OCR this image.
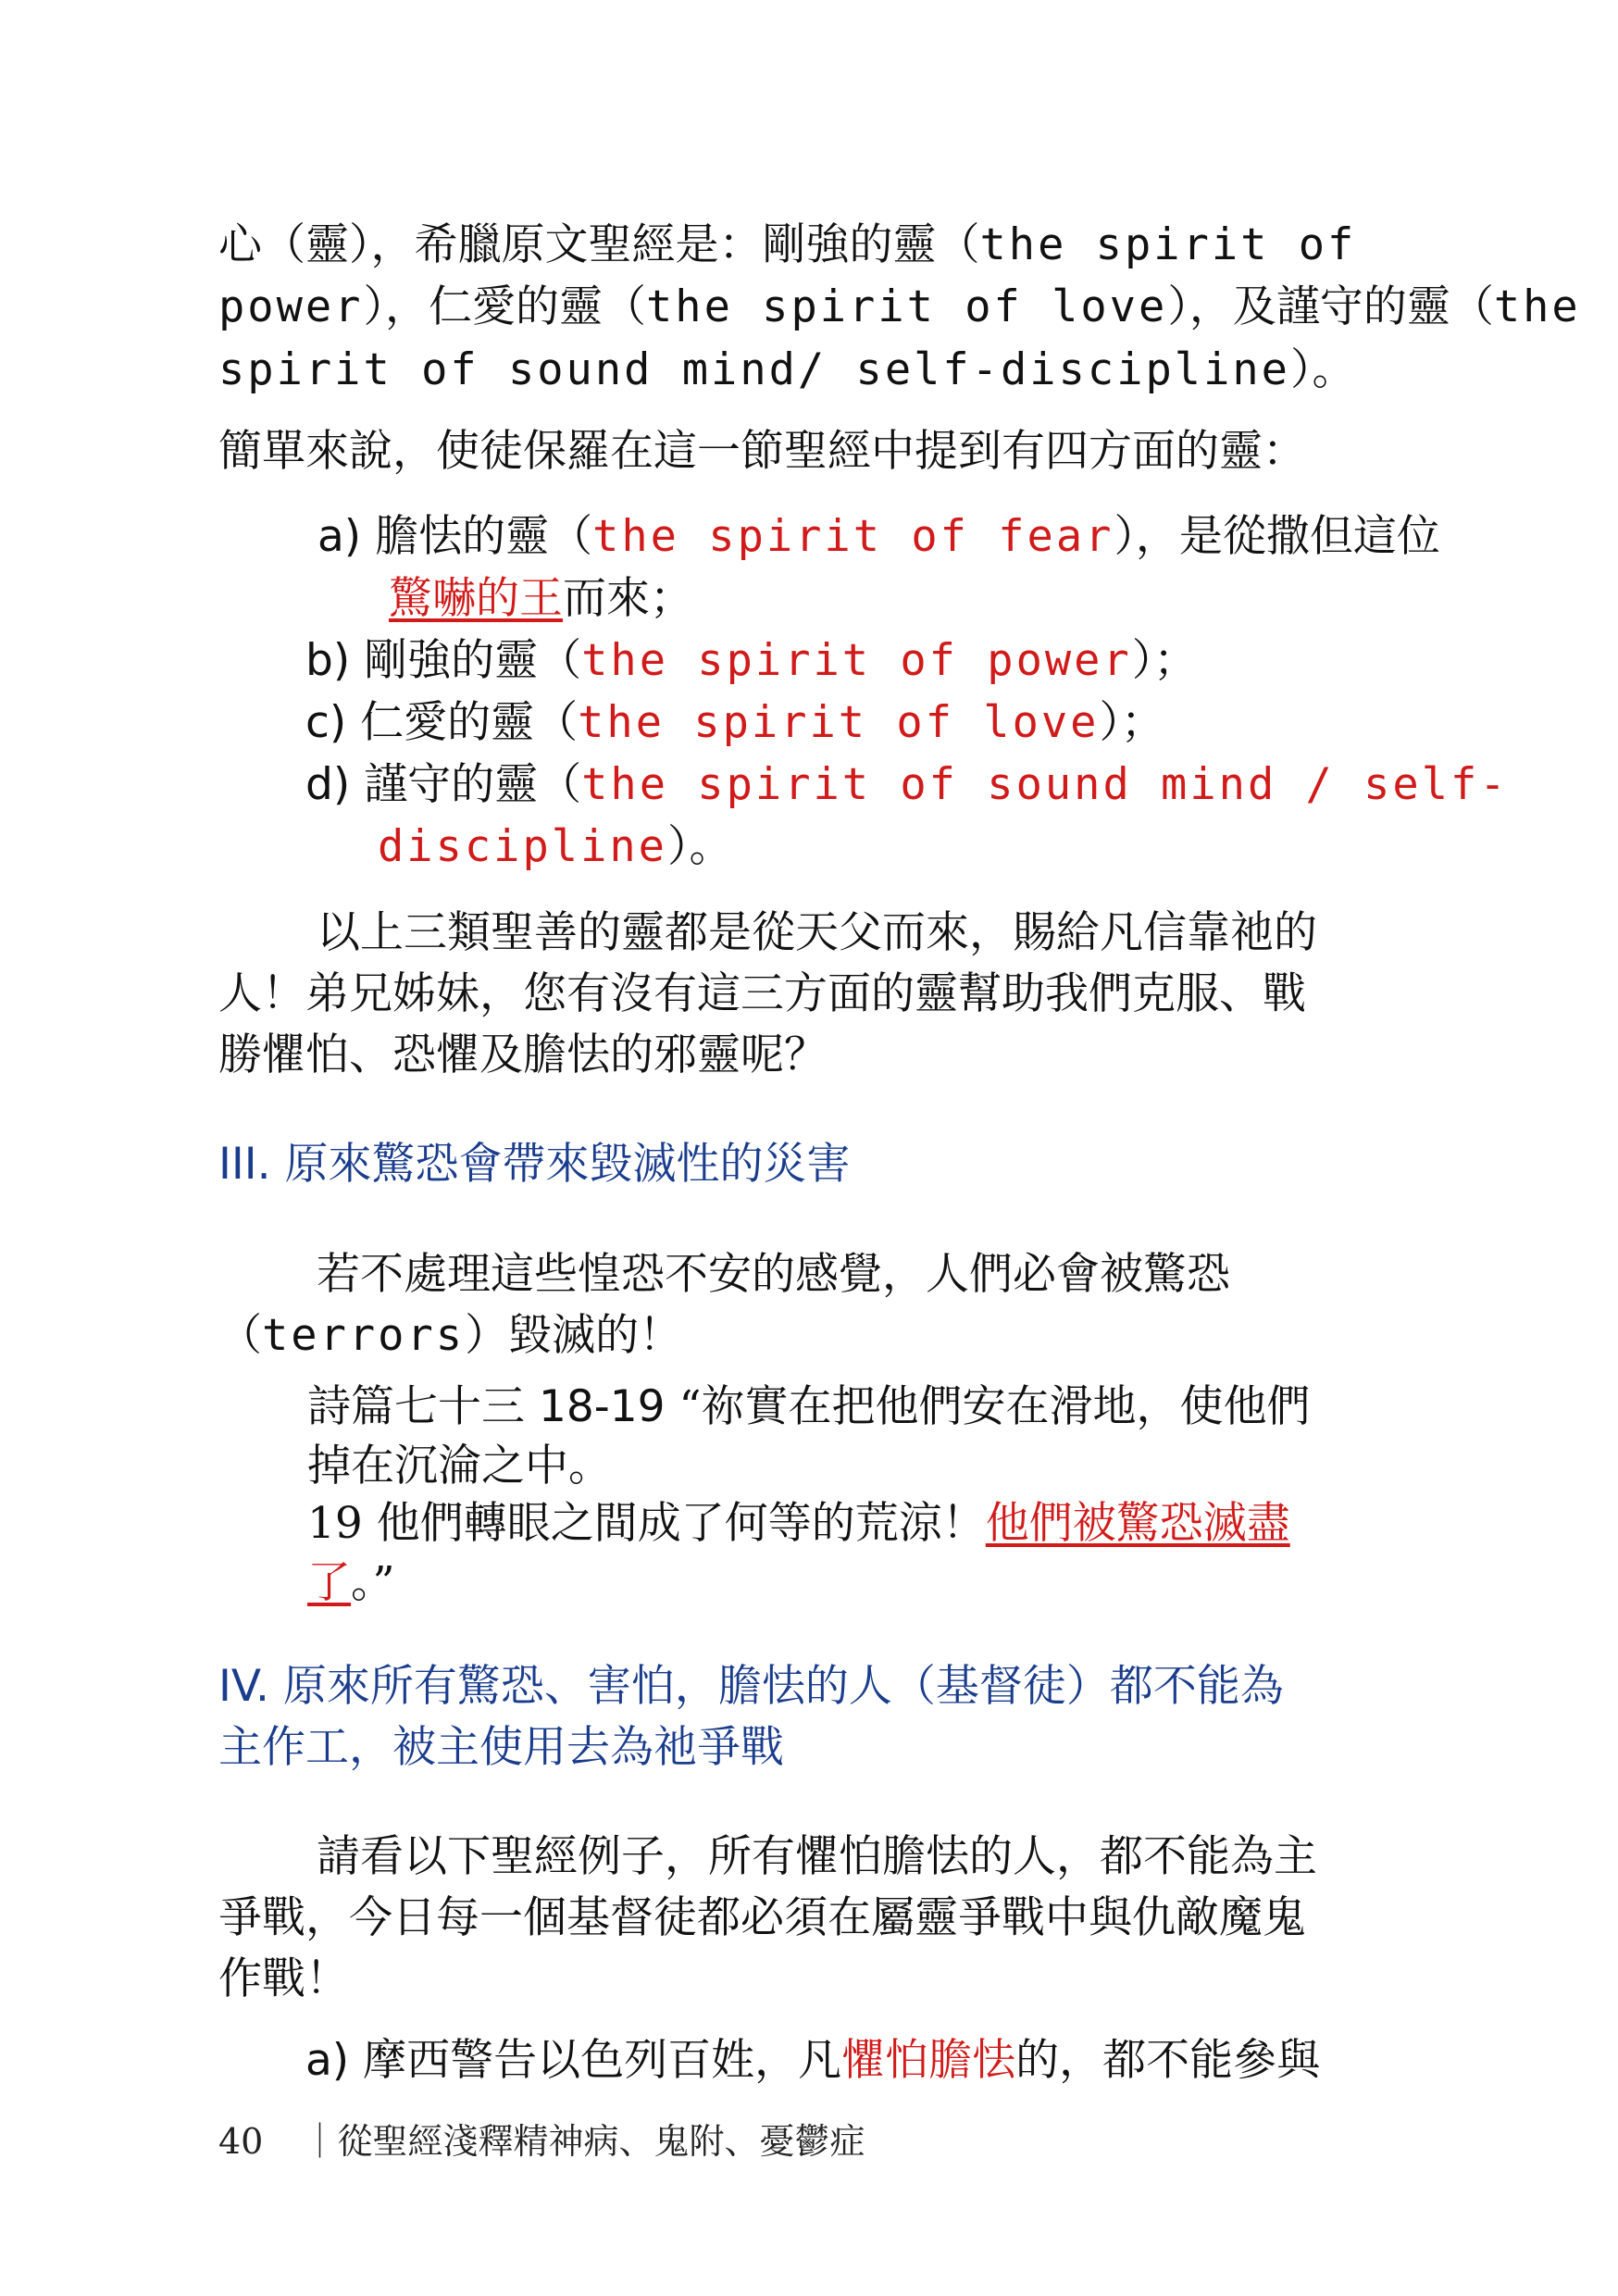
心（靈），希臘原文聖經是：剛強的靈（the spirit of
power），仁愛的靈（the spirit of love），及謹守的靈（the
spirit of sound mind/ self-discipline）。
簡單來說，使徒保羅在這一節聖經中提到有四方面的靈：
a) 膽怯的靈（the spirit of fear），是從撒但這位
驚嚇的王而來；
b) 剛強的靈（the spirit of power）；
c) 仁愛的靈（the spirit of love）；
d) 謹守的靈（the spirit of sound mind / self-
discipline）。
以上三類聖善的靈都是從天父而來，賜給凡信靠祂的
人！弟兄姊妹，您有沒有這三方面的靈幫助我們克服、戰
勝懼怕、恐懼及膽怯的邪靈呢？
III. 原來驚恐會帶來毀滅性的災害
若不處理這些惶恐不安的感覺，人們必會被驚恐
（terrors）毀滅的！
詩篇七十三 18-19 “祢實在把他們安在滑地，使他們
掉在沉淪之中。
19 他們轉眼之間成了何等的荒涼！他們被驚恐滅盡
了。”
IV. 原來所有驚恐、害怕，膽怯的人（基督徒）都不能為
主作工，被主使用去為祂爭戰
請看以下聖經例子，所有懼怕膽怯的人，都不能為主
爭戰，今日每一個基督徒都必須在屬靈爭戰中與仇敵魔鬼
作戰！
a) 摩西警告以色列百姓，凡懼怕膽怯的，都不能參與
40 ｜從聖經淺釋精神病、鬼附、憂鬱症
